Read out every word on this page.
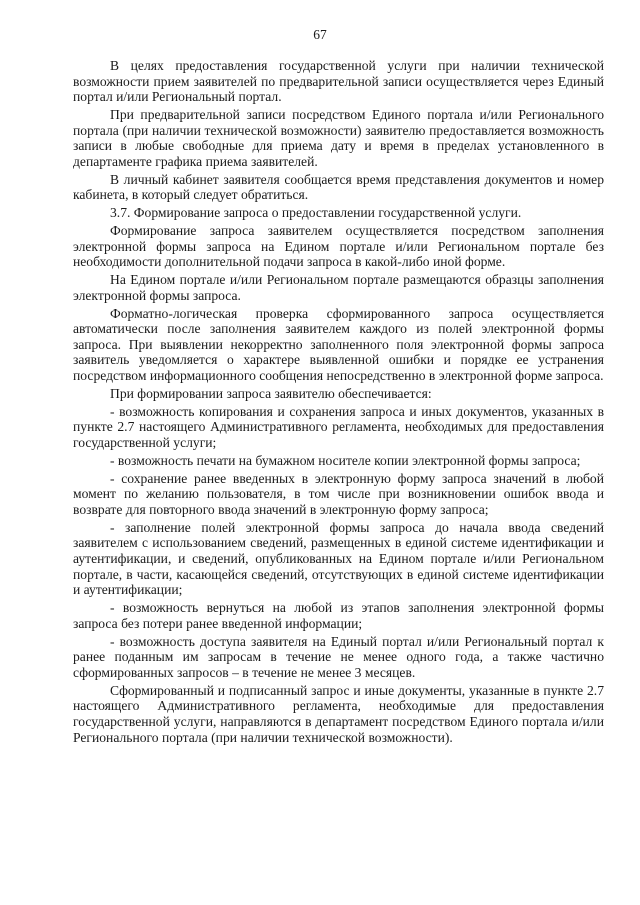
67

В целях предоставления государственной услуги при наличии технической возможности прием заявителей по предварительной записи осуществляется через Единый портал и/или Региональный портал.

При предварительной записи посредством Единого портала и/или Регионального портала (при наличии технической возможности) заявителю предоставляется возможность записи в любые свободные для приема дату и время в пределах установленного в департаменте графика приема заявителей.

В личный кабинет заявителя сообщается время представления документов и номер кабинета, в который следует обратиться.

3.7. Формирование запроса о предоставлении государственной услуги.

Формирование запроса заявителем осуществляется посредством заполнения электронной формы запроса на Едином портале и/или Региональном портале без необходимости дополнительной подачи запроса в какой-либо иной форме.

На Едином портале и/или Региональном портале размещаются образцы заполнения электронной формы запроса.

Форматно-логическая проверка сформированного запроса осуществляется автоматически после заполнения заявителем каждого из полей электронной формы запроса. При выявлении некорректно заполненного поля электронной формы запроса заявитель уведомляется о характере выявленной ошибки и порядке ее устранения посредством информационного сообщения непосредственно в электронной форме запроса.

При формировании запроса заявителю обеспечивается:

- возможность копирования и сохранения запроса и иных документов, указанных в пункте 2.7 настоящего Административного регламента, необходимых для предоставления государственной услуги;

- возможность печати на бумажном носителе копии электронной формы запроса;

- сохранение ранее введенных в электронную форму запроса значений в любой момент по желанию пользователя, в том числе при возникновении ошибок ввода и возврате для повторного ввода значений в электронную форму запроса;

- заполнение полей электронной формы запроса до начала ввода сведений заявителем с использованием сведений, размещенных в единой системе идентификации и аутентификации, и сведений, опубликованных на Едином портале и/или Региональном портале, в части, касающейся сведений, отсутствующих в единой системе идентификации и аутентификации;

- возможность вернуться на любой из этапов заполнения электронной формы запроса без потери ранее введенной информации;

- возможность доступа заявителя на Единый портал и/или Региональный портал к ранее поданным им запросам в течение не менее одного года, а также частично сформированных запросов – в течение не менее 3 месяцев.

Сформированный и подписанный запрос и иные документы, указанные в пункте 2.7 настоящего Административного регламента, необходимые для предоставления государственной услуги, направляются в департамент посредством Единого портала и/или Регионального портала (при наличии технической возможности).
